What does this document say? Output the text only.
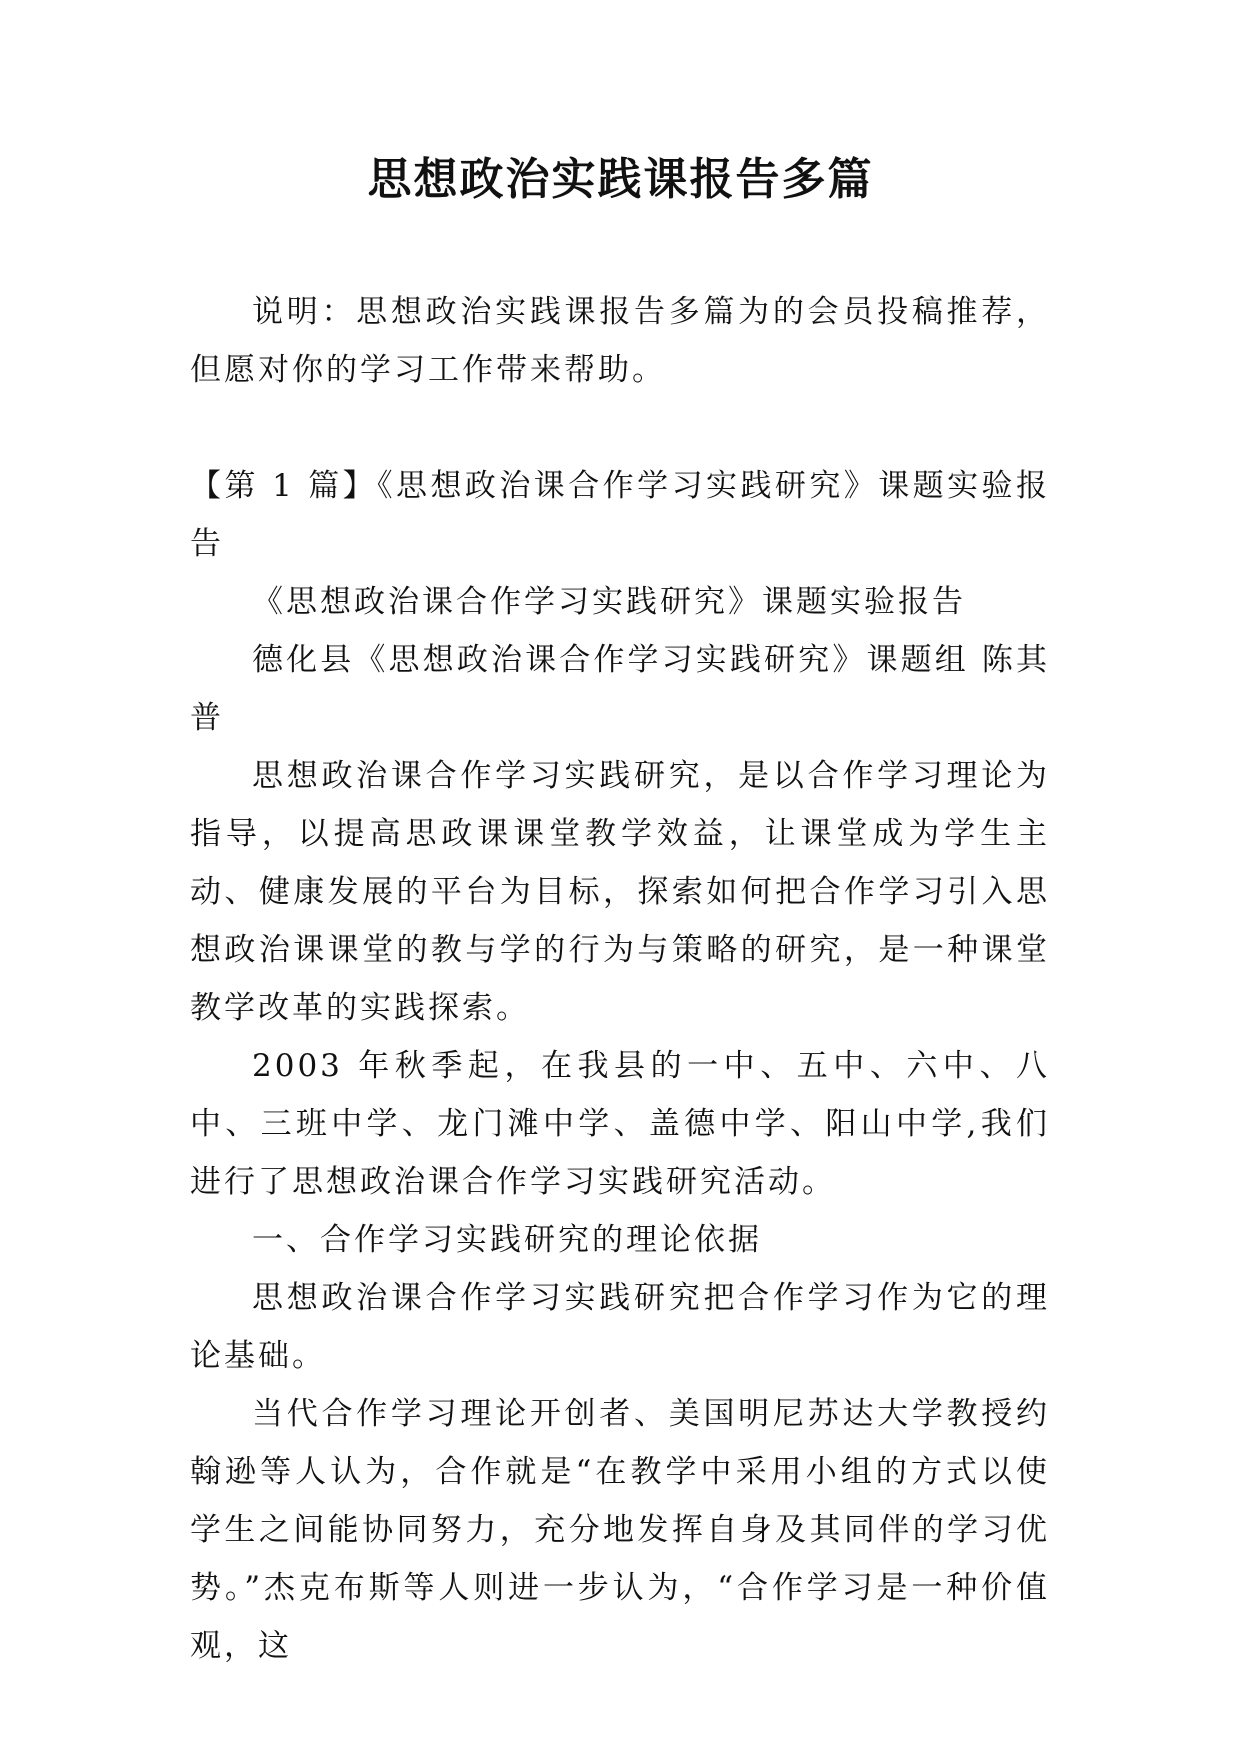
思想政治实践课报告多篇

说明：思想政治实践课报告多篇为的会员投稿推荐，但愿对你的学习工作带来帮助。

【第 1 篇】《思想政治课合作学习实践研究》课题实验报告

《思想政治课合作学习实践研究》课题实验报告

德化县《思想政治课合作学习实践研究》课题组 陈其普

思想政治课合作学习实践研究，是以合作学习理论为指导，以提高思政课课堂教学效益，让课堂成为学生主动、健康发展的平台为目标，探索如何把合作学习引入思想政治课课堂的教与学的行为与策略的研究，是一种课堂教学改革的实践探索。

2003 年秋季起，在我县的一中、五中、六中、八中、三班中学、龙门滩中学、盖德中学、阳山中学,我们进行了思想政治课合作学习实践研究活动。

一、合作学习实践研究的理论依据

思想政治课合作学习实践研究把合作学习作为它的理论基础。

当代合作学习理论开创者、美国明尼苏达大学教授约翰逊等人认为，合作就是“在教学中采用小组的方式以使学生之间能协同努力，充分地发挥自身及其同伴的学习优势。”杰克布斯等人则进一步认为，“合作学习是一种价值观，这
